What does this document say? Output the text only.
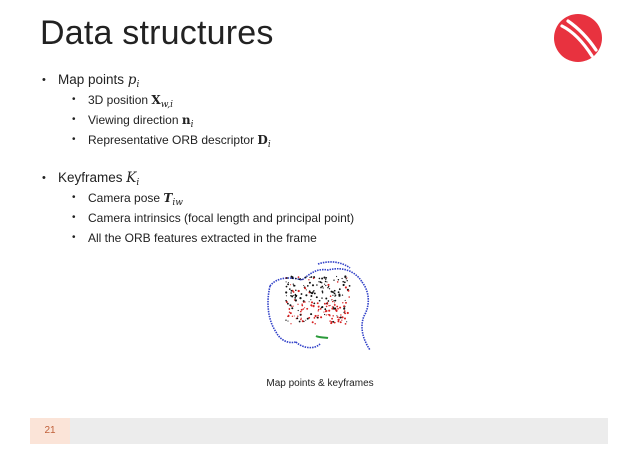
Data structures
• Map points $p_i$
• 3D position $X_{w,i}$
• Viewing direction $n_i$
• Representative ORB descriptor $D_i$
• Keyframes $K_i$
• Camera pose $T_{iw}$
• Camera intrinsics (focal length and principal point)
• All the ORB features extracted in the frame
Map points & keyframes
21
